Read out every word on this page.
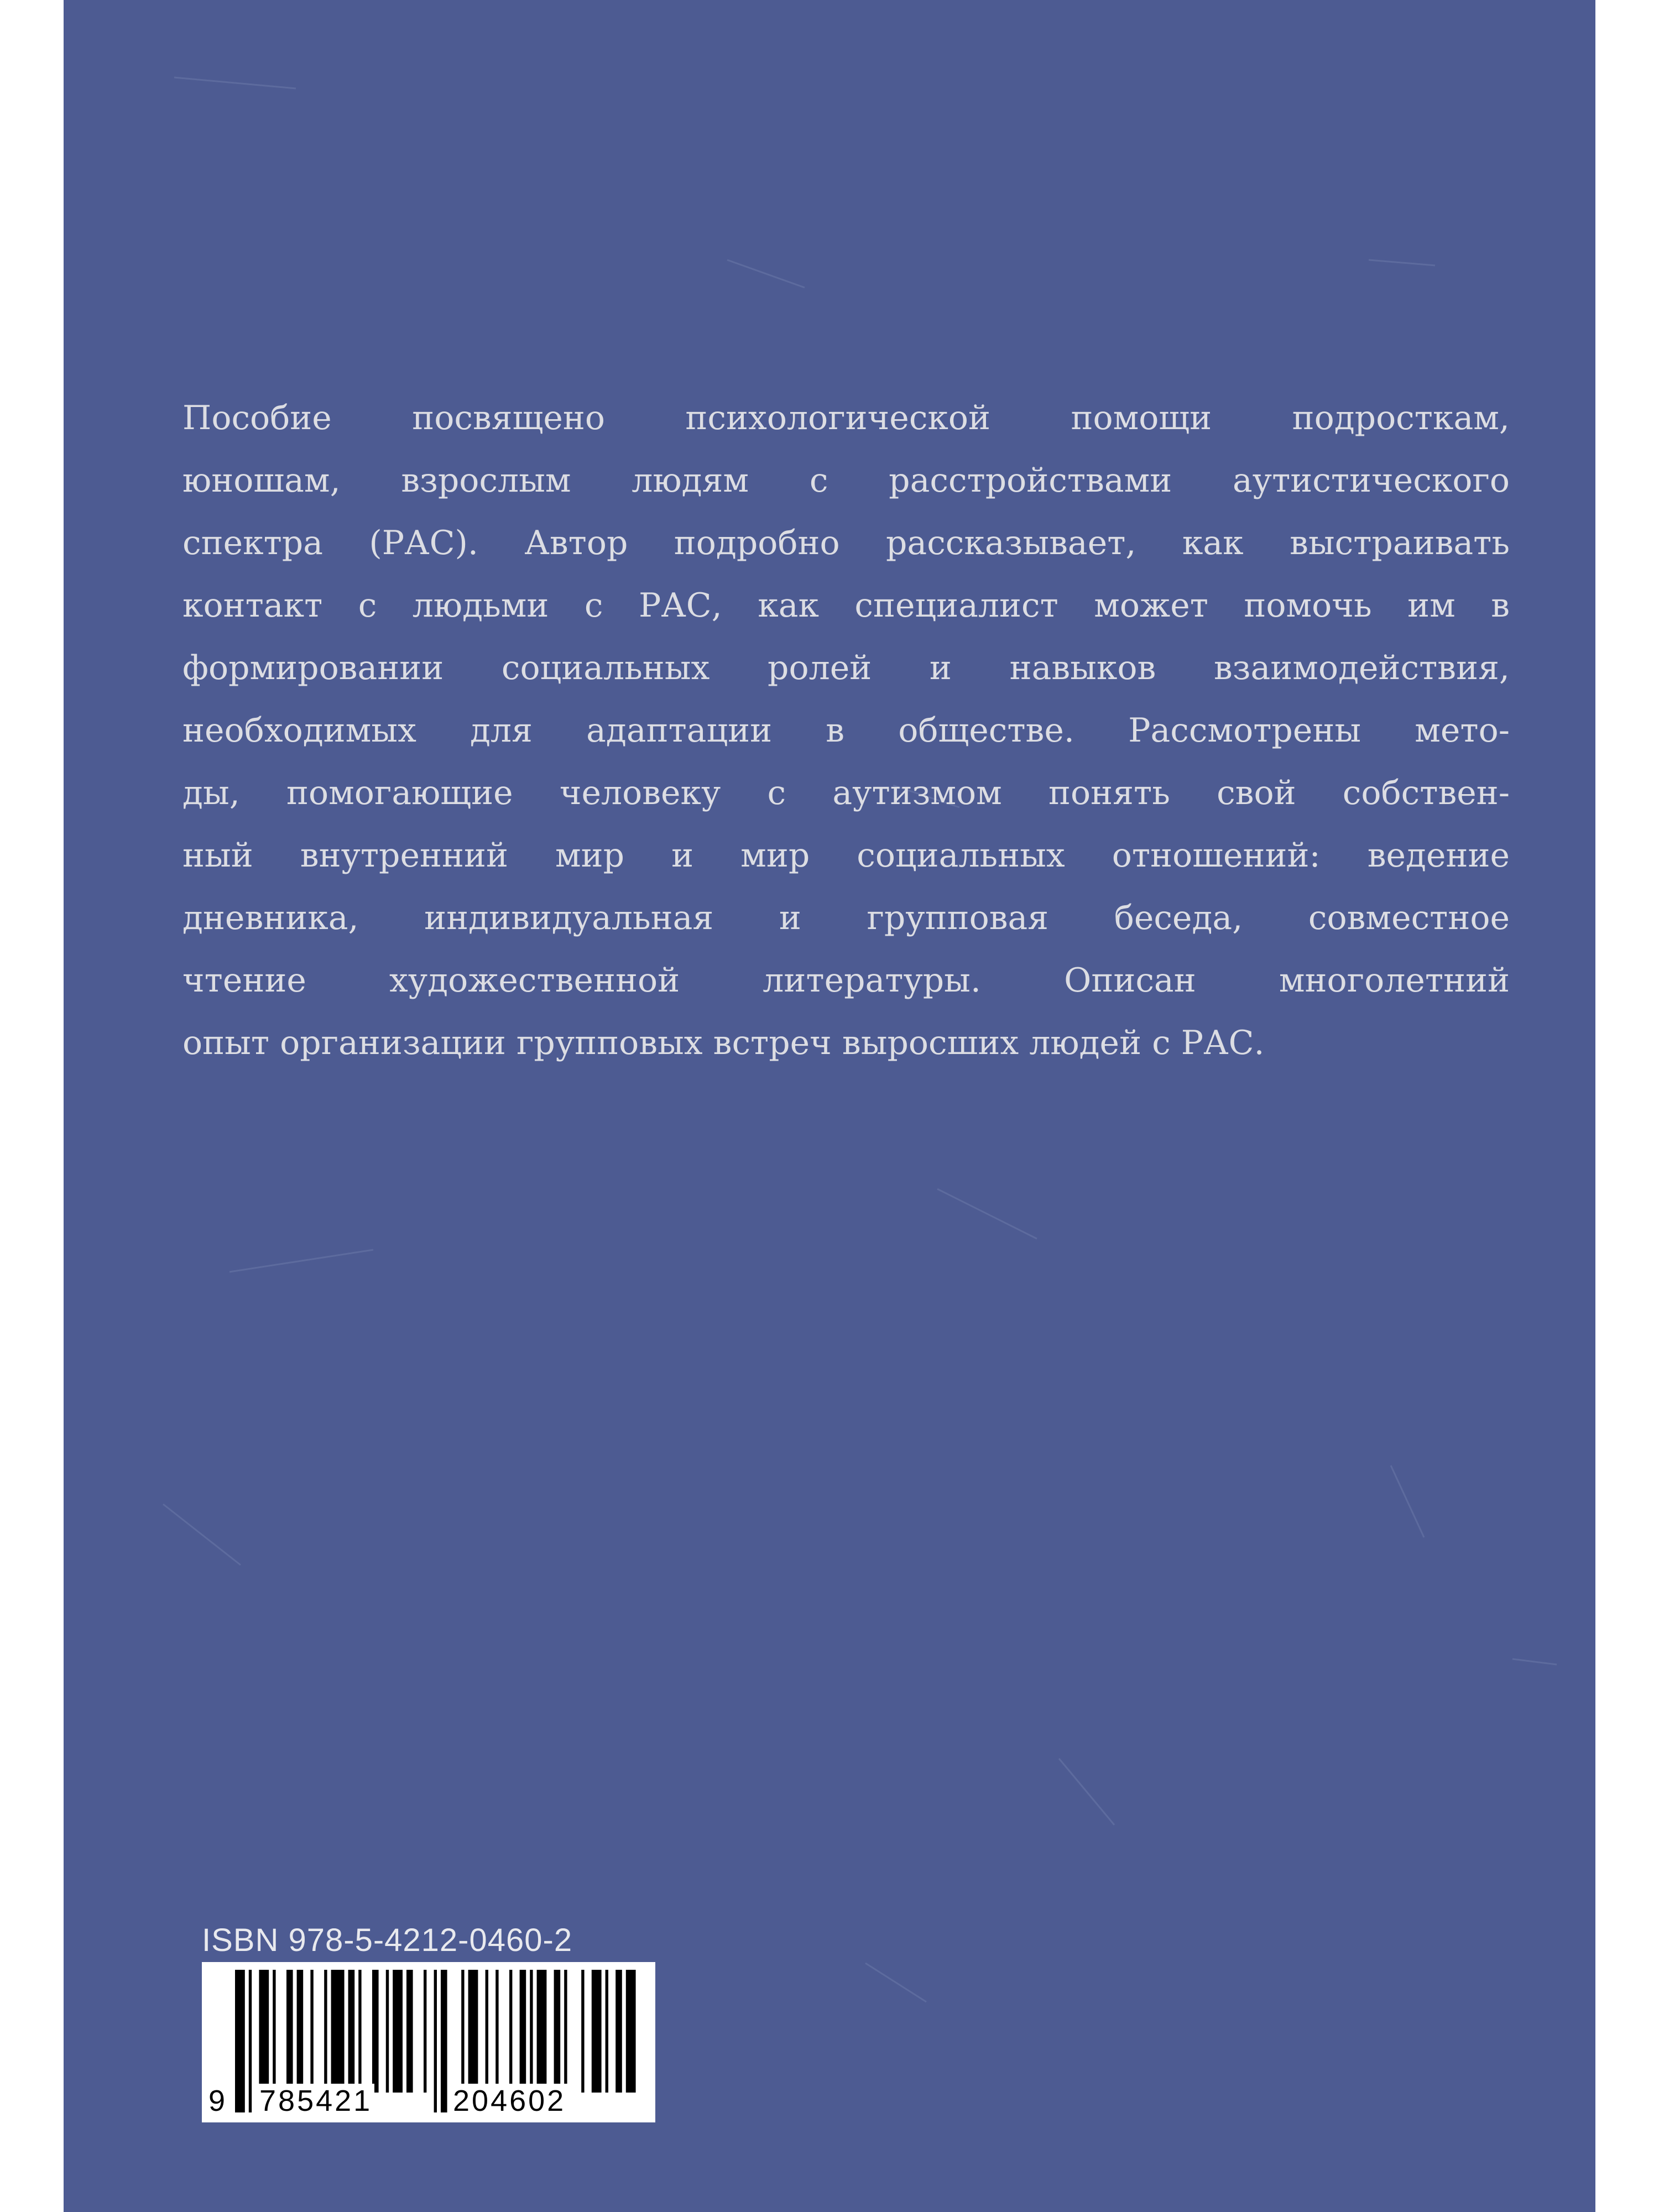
Пособие посвящено психологической помощи подросткам,
юношам, взрослым людям с расстройствами аутистического
спектра (РАС). Автор подробно рассказывает, как выстраивать
контакт с людьми с РАС, как специалист может помочь им в
формировании социальных ролей и навыков взаимодействия,
необходимых для адаптации в обществе. Рассмотрены мето-
ды, помогающие человеку с аутизмом понять свой собствен-
ный внутренний мир и мир социальных отношений: ведение
дневника, индивидуальная и групповая беседа, совместное
чтение художественной литературы. Описан многолетний
опыт организации групповых встреч выросших людей с РАС.
ISBN 978-5-4212-0460-2
9 785421	204602
